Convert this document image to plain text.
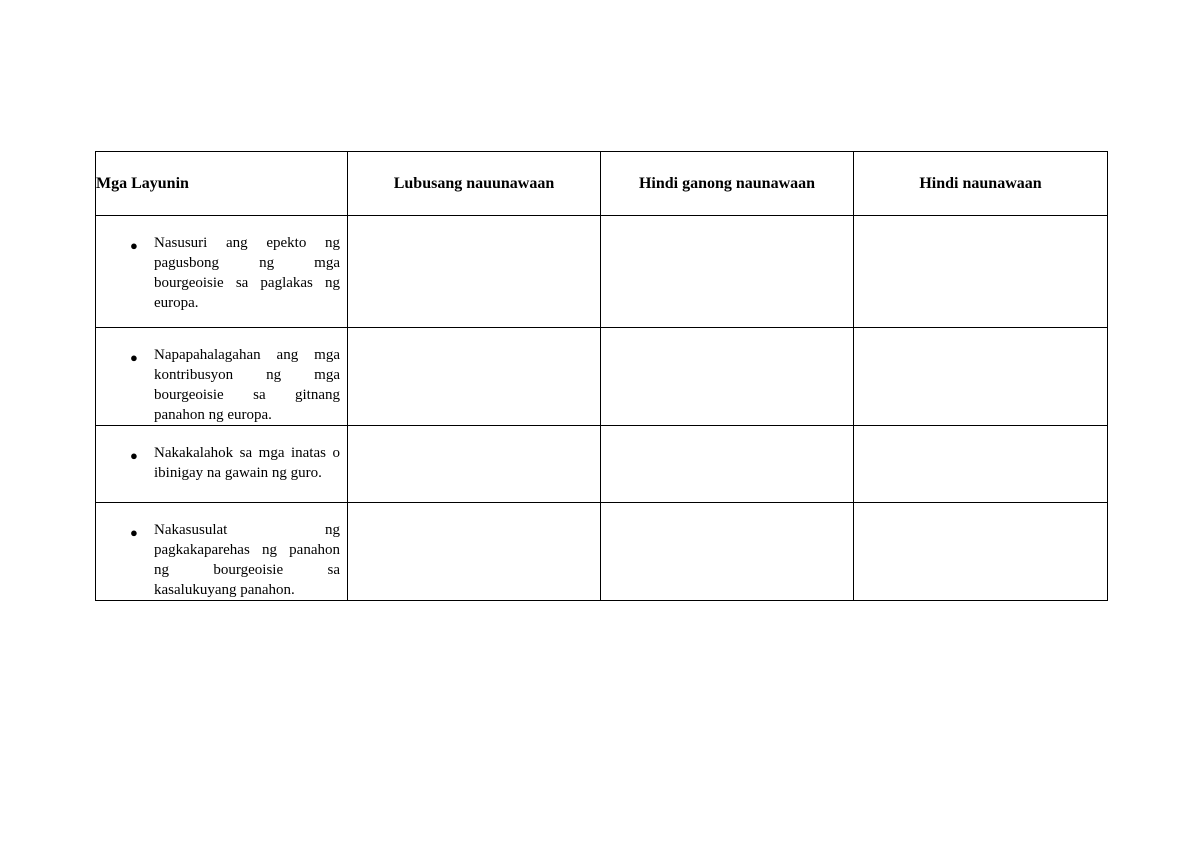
Mga Layunin	Lubusang nauunawaan	Hindi ganong naunawaan	Hindi naunawaan

● Nasusuri ang epekto ng pagusbong ng mga bourgeoisie sa paglakas ng europa.			

● Napapahalagahan ang mga kontribusyon ng mga bourgeoisie sa gitnang panahon ng europa.			

● Nakakalahok sa mga inatas o ibinigay na gawain ng guro.			

● Nakasusulat ng pagkakaparehas ng panahon ng bourgeoisie sa kasalukuyang panahon.			
